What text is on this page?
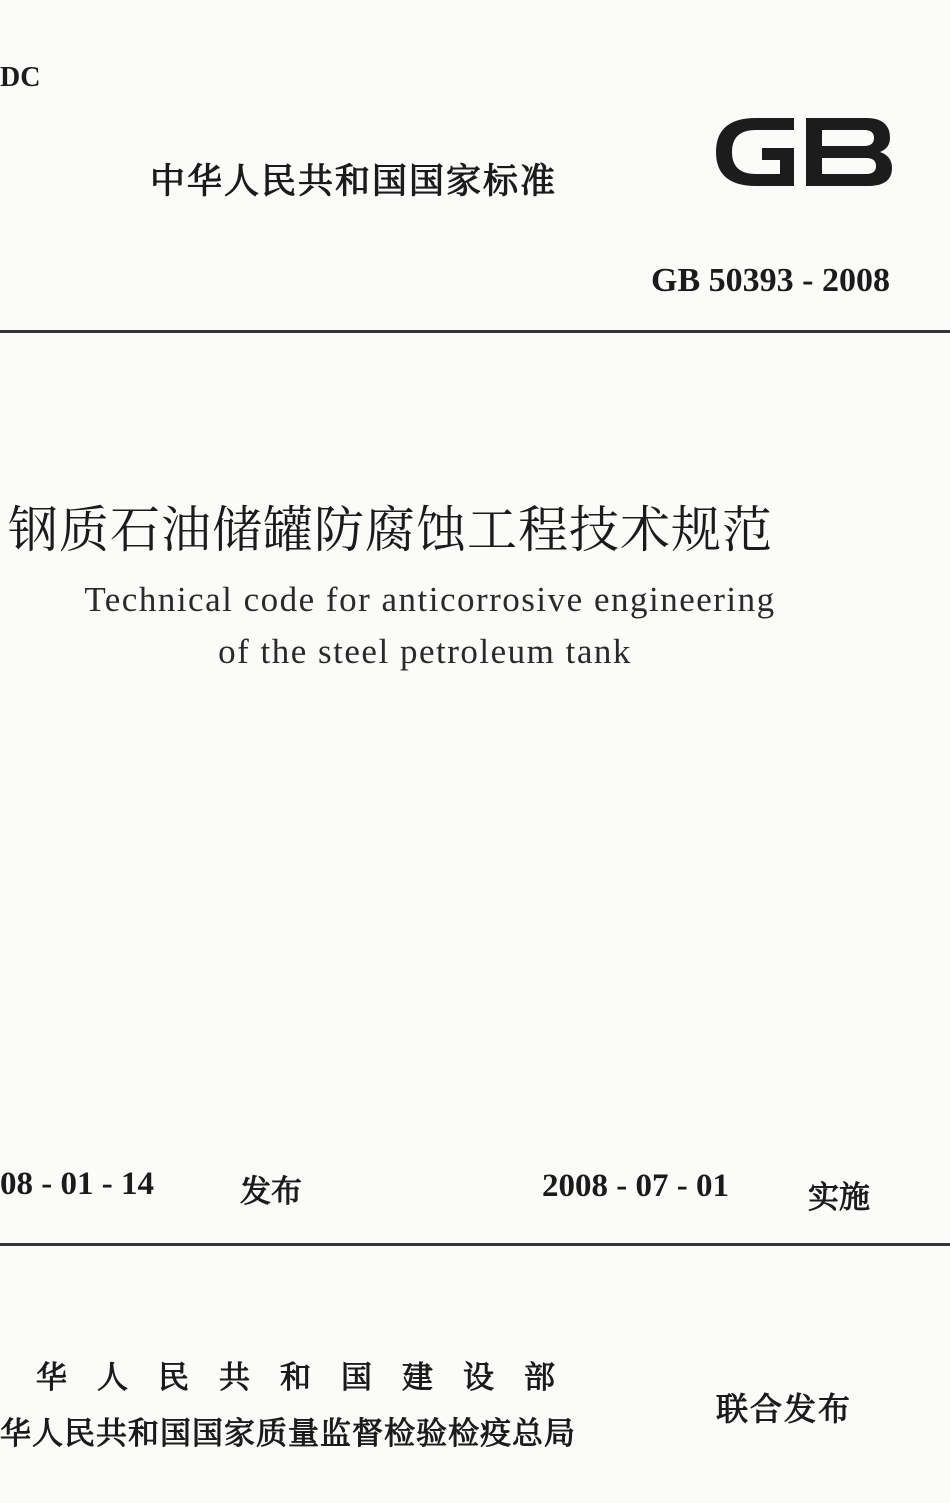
DC
中华人民共和国国家标准
GB 50393 - 2008
钢质石油储罐防腐蚀工程技术规范
Technical code for anticorrosive engineering
of the steel petroleum tank
08 - 01 - 14	发布	2008 - 07 - 01	实施
华人民共和国建设部
华人民共和国国家质量监督检验检疫总局
联合发布
